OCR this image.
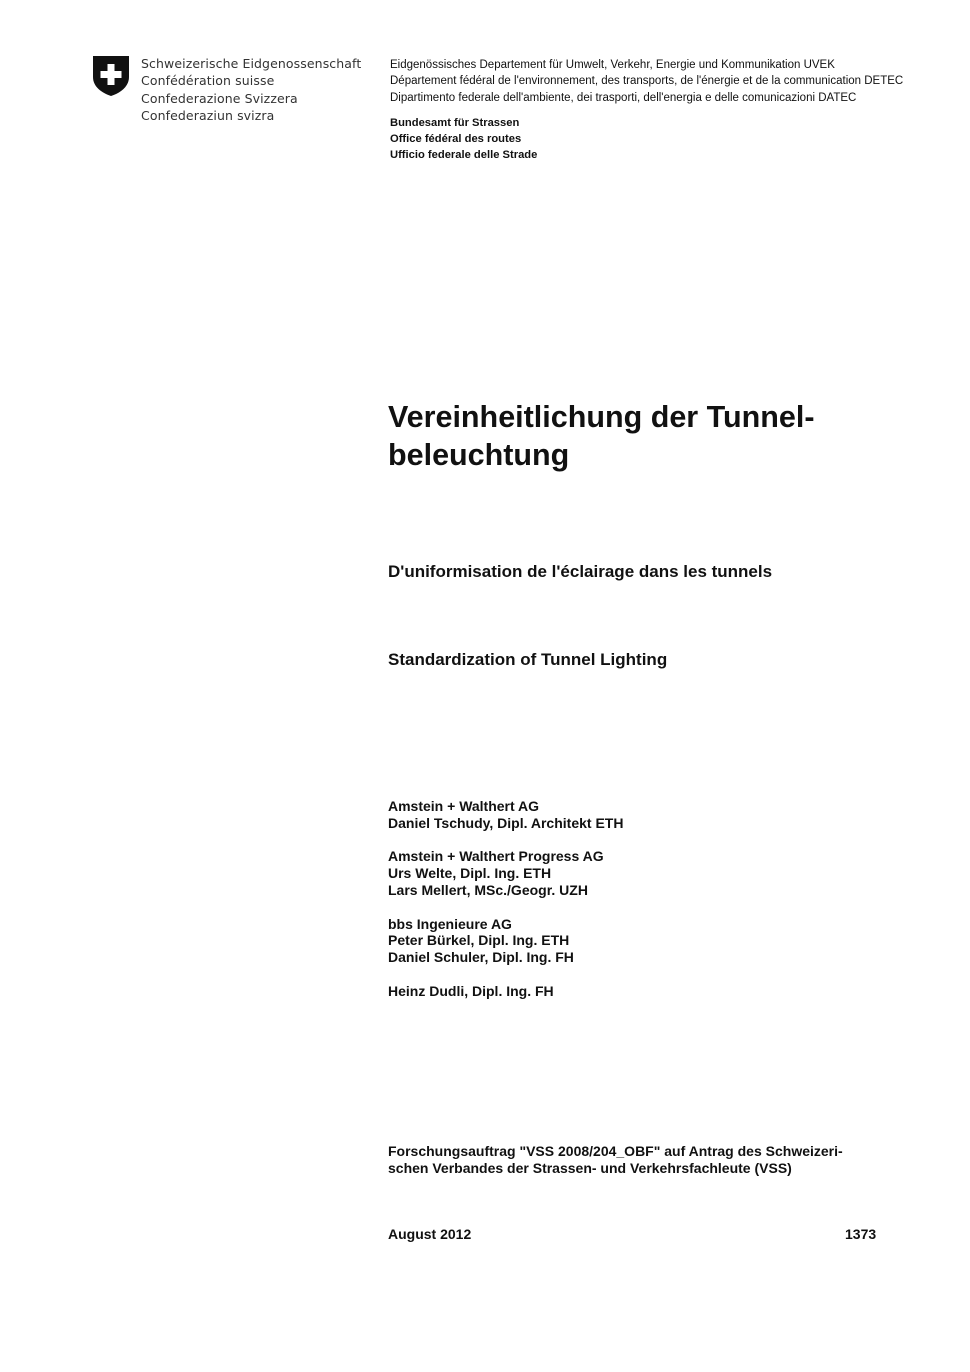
Schweizerische Eidgenossenschaft
Confédération suisse
Confederazione Svizzera
Confederaziun svizra
Eidgenössisches Departement für Umwelt, Verkehr, Energie und Kommunikation UVEK
Département fédéral de l'environnement, des transports, de l'énergie et de la communication DETEC
Dipartimento federale dell'ambiente, dei trasporti, dell'energia e delle comunicazioni DATEC
Bundesamt für Strassen
Office fédéral des routes
Ufficio federale delle Strade
Vereinheitlichung der Tunnel-
beleuchtung
D'uniformisation de l'éclairage dans les tunnels
Standardization of Tunnel Lighting
Amstein + Walthert AG
Daniel Tschudy, Dipl. Architekt ETH
Amstein + Walthert Progress AG
Urs Welte, Dipl. Ing. ETH
Lars Mellert, MSc./Geogr. UZH
bbs Ingenieure AG
Peter Bürkel, Dipl. Ing. ETH
Daniel Schuler, Dipl. Ing. FH
Heinz Dudli, Dipl. Ing. FH
Forschungsauftrag "VSS 2008/204_OBF" auf Antrag des Schweizeri-
schen Verbandes der Strassen- und Verkehrsfachleute (VSS)
August 2012	1373
